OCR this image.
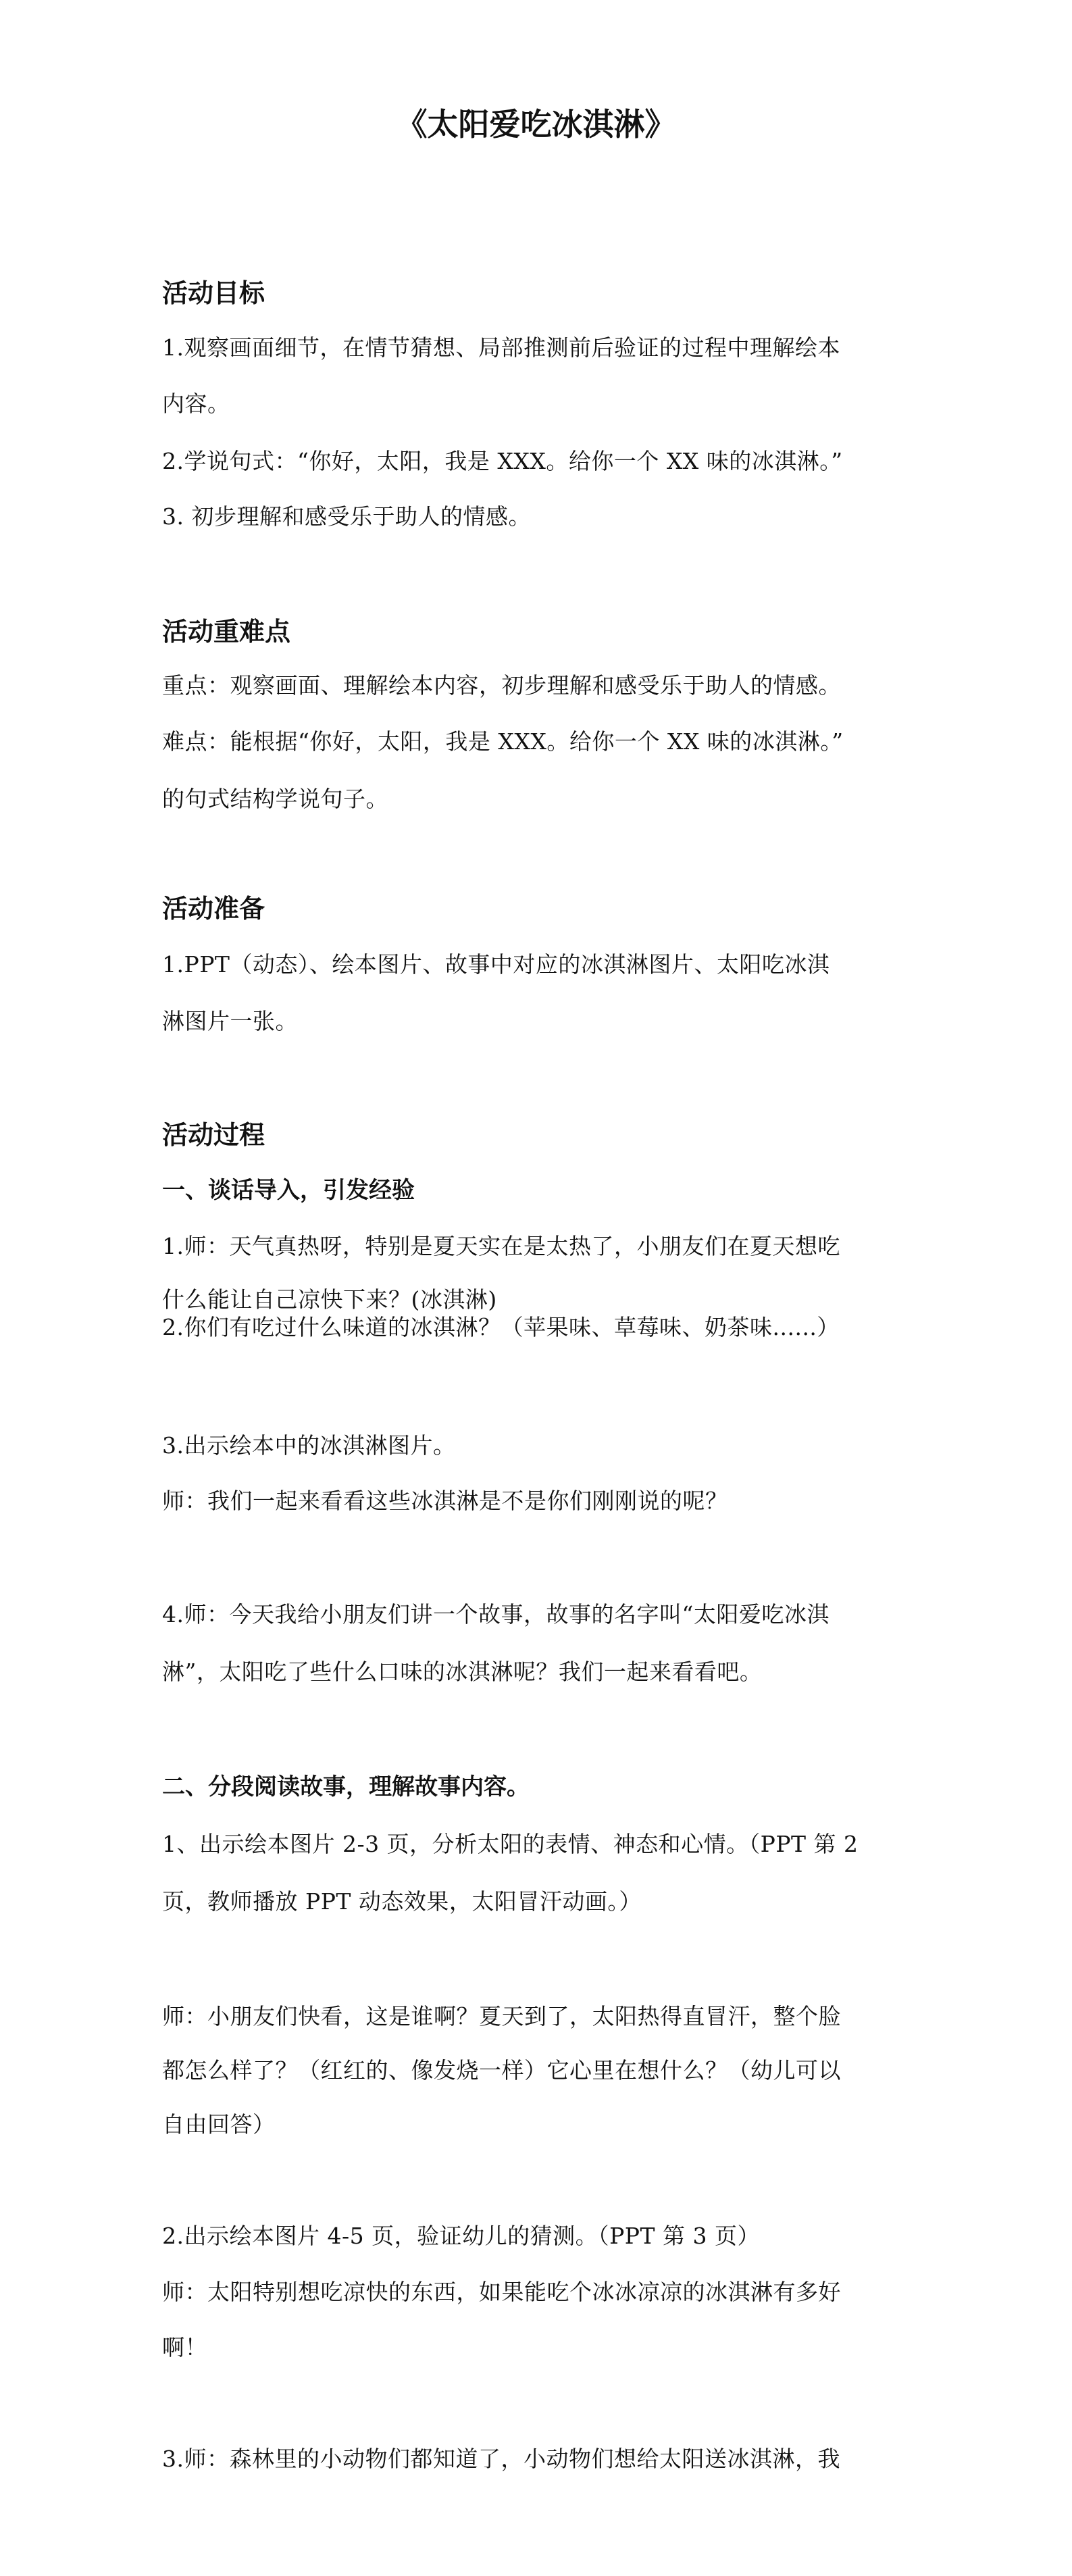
《太阳爱吃冰淇淋》
活动目标
1.观察画面细节，在情节猜想、局部推测前后验证的过程中理解绘本
内容。
2.学说句式：“你好，太阳，我是 XXX。给你一个 XX 味的冰淇淋。”
3. 初步理解和感受乐于助人的情感。
活动重难点
重点：观察画面、理解绘本内容，初步理解和感受乐于助人的情感。
难点：能根据“你好，太阳，我是 XXX。给你一个 XX 味的冰淇淋。”
的句式结构学说句子。
活动准备
1.PPT（动态）、绘本图片、故事中对应的冰淇淋图片、太阳吃冰淇
淋图片一张。
活动过程
一、谈话导入，引发经验
1.师：天气真热呀，特别是夏天实在是太热了，小朋友们在夏天想吃
什么能让自己凉快下来？(冰淇淋)
2.你们有吃过什么味道的冰淇淋？（苹果味、草莓味、奶茶味......）
3.出示绘本中的冰淇淋图片。
师：我们一起来看看这些冰淇淋是不是你们刚刚说的呢？
4.师：今天我给小朋友们讲一个故事，故事的名字叫“太阳爱吃冰淇
淋”，太阳吃了些什么口味的冰淇淋呢？我们一起来看看吧。
二、分段阅读故事，理解故事内容。
1、出示绘本图片 2-3 页，分析太阳的表情、神态和心情。（PPT 第 2
页，教师播放 PPT 动态效果，太阳冒汗动画。）
师：小朋友们快看，这是谁啊？夏天到了，太阳热得直冒汗，整个脸
都怎么样了？（红红的、像发烧一样）它心里在想什么？（幼儿可以
自由回答）
2.出示绘本图片 4-5 页，验证幼儿的猜测。（PPT 第 3 页）
师：太阳特别想吃凉快的东西，如果能吃个冰冰凉凉的冰淇淋有多好
啊！
3.师：森林里的小动物们都知道了，小动物们想给太阳送冰淇淋，我
